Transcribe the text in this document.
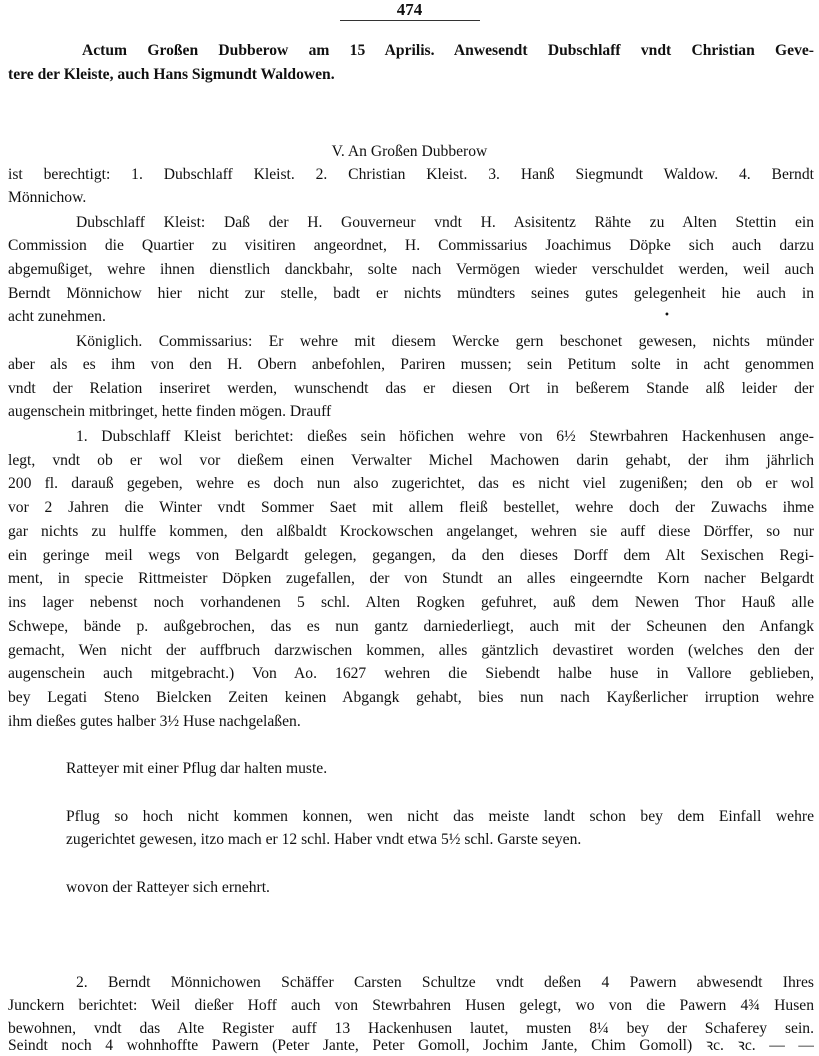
474
Actum Großen Dubberow am 15 Aprilis. Anwesendt Dubschlaff vndt Christian Geve-
tere der Kleiste, auch Hans Sigmundt Waldowen.
V. An Großen Dubberow
ist berechtigt: 1. Dubschlaff Kleist. 2. Christian Kleist. 3. Hanß Siegmundt Waldow. 4. Berndt
Mönnichow.
Dubschlaff Kleist: Daß der H. Gouverneur vndt H. Asisitentz Rähte zu Alten Stettin ein
Commission die Quartier zu visitiren angeordnet, H. Commissarius Joachimus Döpke sich auch darzu
abgemußiget, wehre ihnen dienstlich danckbahr, solte nach Vermögen wieder verschuldet werden, weil auch
Berndt Mönnichow hier nicht zur stelle, badt er nichts mündters seines gutes gelegenheit hie auch in
acht zunehmen.	•
Königlich. Commissarius: Er wehre mit diesem Wercke gern beschonet gewesen, nichts münder
aber als es ihm von den H. Obern anbefohlen, Pariren mussen; sein Petitum solte in acht genommen
vndt der Relation inseriret werden, wunschendt das er diesen Ort in beßerem Stande alß leider der
augenschein mitbringet, hette finden mögen. Drauff
1. Dubschlaff Kleist berichtet: dießes sein höfichen wehre von 6½ Stewrbahren Hackenhusen ange-
legt, vndt ob er wol vor dießem einen Verwalter Michel Machowen darin gehabt, der ihm jährlich
200 fl. darauß gegeben, wehre es doch nun also zugerichtet, das es nicht viel zugenißen; den ob er wol
vor 2 Jahren die Winter vndt Sommer Saet mit allem fleiß bestellet, wehre doch der Zuwachs ihme
gar nichts zu hulffe kommen, den alßbaldt Krockowschen angelanget, wehren sie auff diese Dörffer, so nur
ein geringe meil wegs von Belgardt gelegen, gegangen, da den dieses Dorff dem Alt Sexischen Regi-
ment, in specie Rittmeister Döpken zugefallen, der von Stundt an alles eingeerndte Korn nacher Belgardt
ins lager nebenst noch vorhandenen 5 schl. Alten Rogken gefuhret, auß dem Newen Thor Hauß alle
Schwepe, bände p. außgebrochen, das es nun gantz darniederliegt, auch mit der Scheunen den Anfangk
gemacht, Wen nicht der auffbruch darzwischen kommen, alles gäntzlich devastiret worden (welches den der
augenschein auch mitgebracht.) Von Ao. 1627 wehren die Siebendt halbe huse in Vallore geblieben,
bey Legati Steno Bielcken Zeiten keinen Abgangk gehabt, bies nun nach Kayßerlicher irruption wehre
ihm dießes gutes halber 3½ Huse nachgelaßen.
Ratteyer mit einer Pflug dar halten muste.
Pflug so hoch nicht kommen konnen, wen nicht das meiste landt schon bey dem Einfall wehre
zugerichtet gewesen, itzo mach er 12 schl. Haber vndt etwa 5½ schl. Garste seyen.
wovon der Ratteyer sich ernehrt.
2. Berndt Mönnichowen Schäffer Carsten Schultze vndt deßen 4 Pawern abwesendt Ihres
Junckern berichtet: Weil dießer Hoff auch von Stewrbahren Husen gelegt, wo von die Pawern 4¾ Husen
bewohnen, vndt das Alte Register auff 13 Hackenhusen lautet, musten 8¼ bey der Schaferey sein.
Seindt noch 4 wohnhoffte Pawern (Peter Jante, Peter Gomoll, Jochim Jante, Chim Gomoll) ꝛc. ꝛc. — —
